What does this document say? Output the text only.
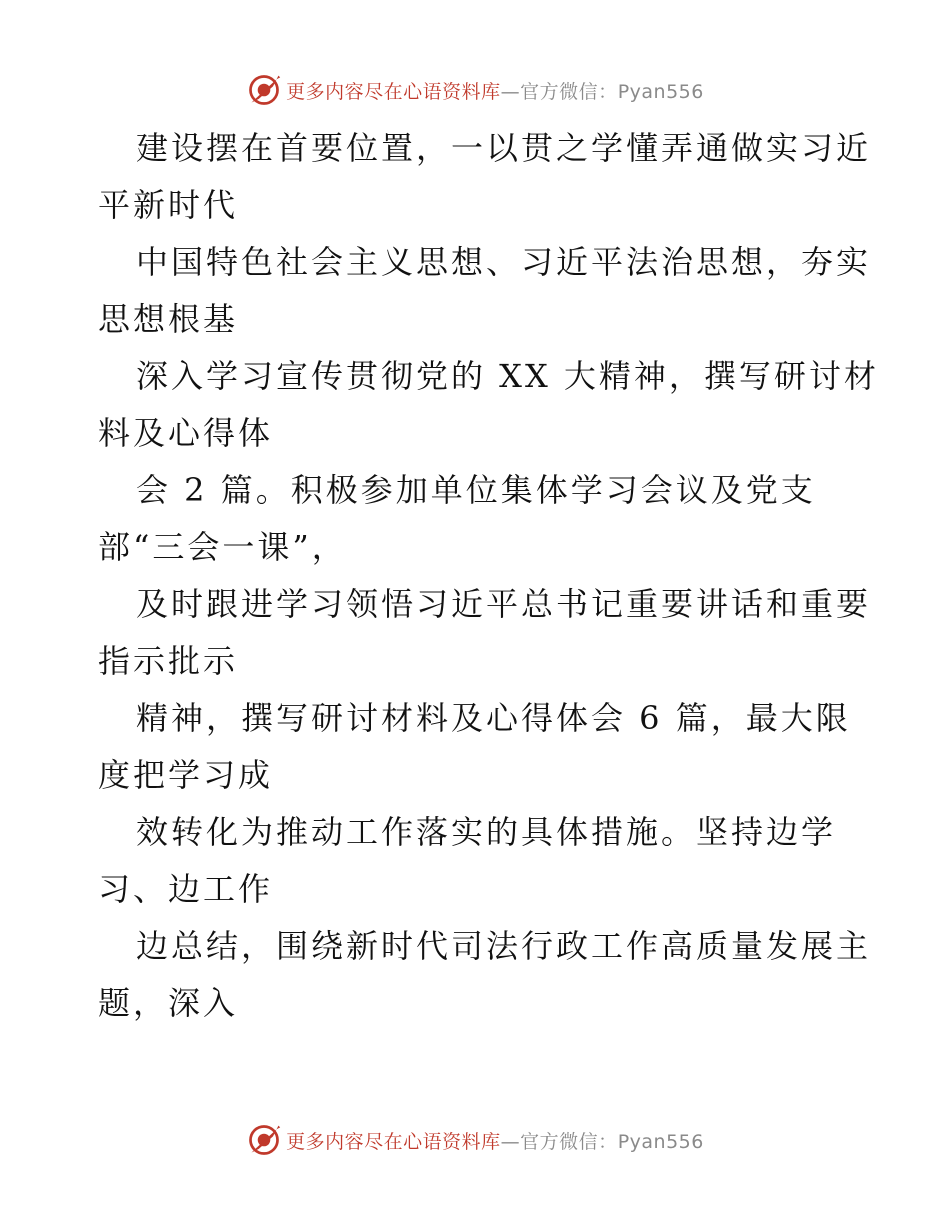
更多内容尽在心语资料库—官方微信：Pyan556
建设摆在首要位置，一以贯之学懂弄通做实习近
平新时代
中国特色社会主义思想、习近平法治思想，夯实
思想根基
深入学习宣传贯彻党的 XX 大精神，撰写研讨材
料及心得体
会 2 篇。积极参加单位集体学习会议及党支
部“三会一课”，
及时跟进学习领悟习近平总书记重要讲话和重要
指示批示
精神，撰写研讨材料及心得体会 6 篇，最大限
度把学习成
效转化为推动工作落实的具体措施。坚持边学
习、边工作
边总结，围绕新时代司法行政工作高质量发展主
题，深入
更多内容尽在心语资料库—官方微信：Pyan556
